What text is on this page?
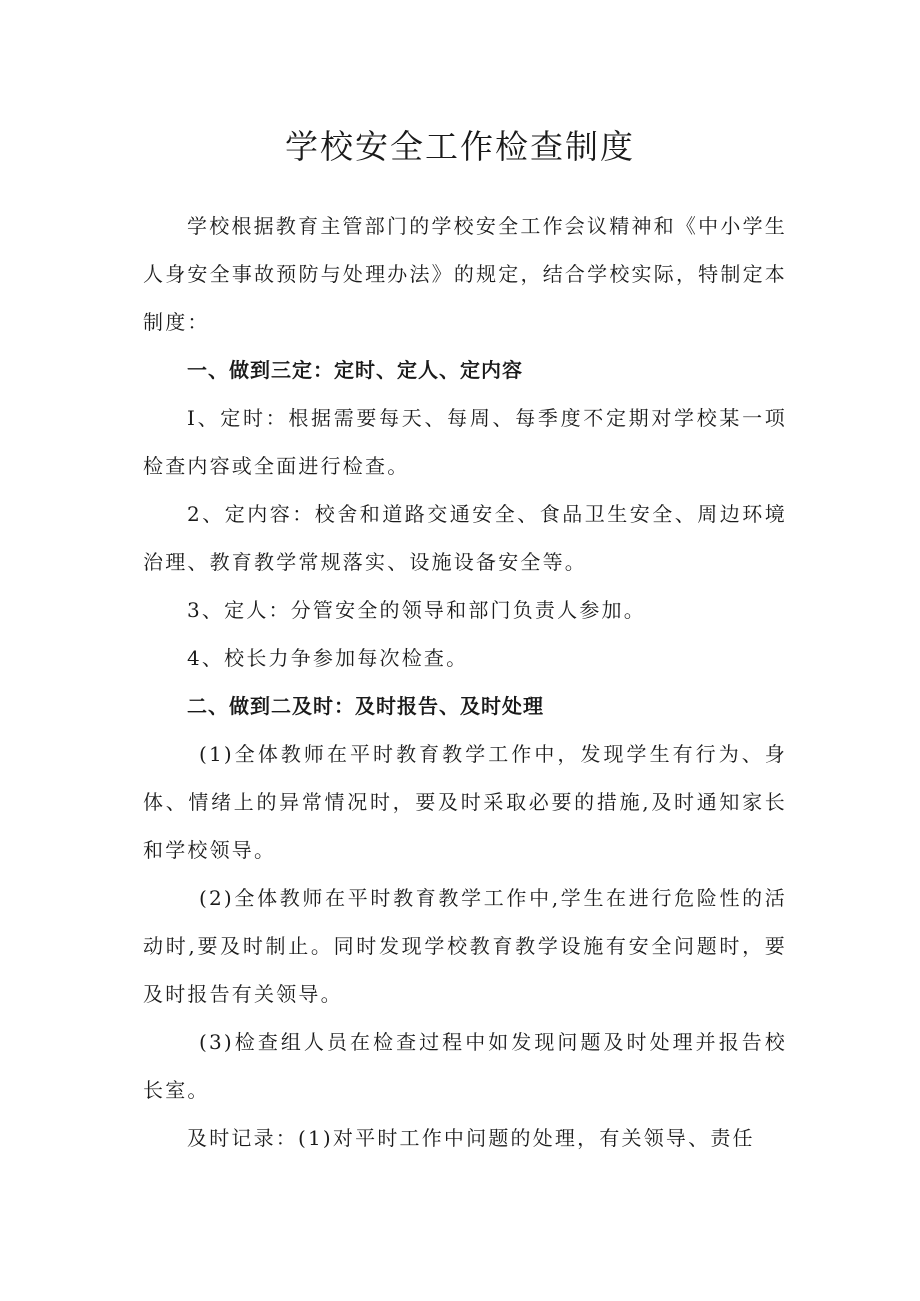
学校安全工作检查制度

学校根据教育主管部门的学校安全工作会议精神和《中小学生人身安全事故预防与处理办法》的规定，结合学校实际，特制定本制度：

一、做到三定：定时、定人、定内容

I、定时：根据需要每天、每周、每季度不定期对学校某一项检查内容或全面进行检查。

2、定内容：校舍和道路交通安全、食品卫生安全、周边环境治理、教育教学常规落实、设施设备安全等。

3、定人：分管安全的领导和部门负责人参加。

4、校长力争参加每次检查。

二、做到二及时：及时报告、及时处理

(1)全体教师在平时教育教学工作中，发现学生有行为、身体、情绪上的异常情况时，要及时采取必要的措施,及时通知家长和学校领导。

(2)全体教师在平时教育教学工作中,学生在进行危险性的活动时,要及时制止。同时发现学校教育教学设施有安全问题时，要及时报告有关领导。

(3)检查组人员在检查过程中如发现问题及时处理并报告校长室。

及时记录：(1)对平时工作中问题的处理，有关领导、责任
